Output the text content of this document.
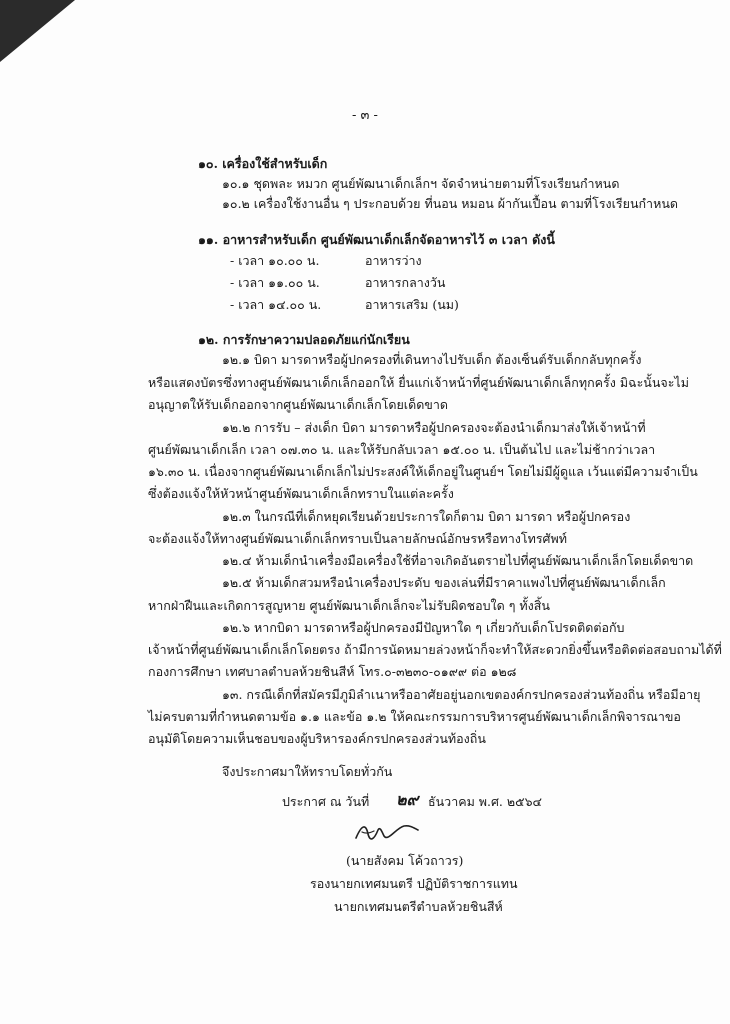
- ๓ -
๑๐. เครื่องใช้สำหรับเด็ก
๑๐.๑ ชุดพละ หมวก ศูนย์พัฒนาเด็กเล็กฯ จัดจำหน่ายตามที่โรงเรียนกำหนด
๑๐.๒ เครื่องใช้งานอื่น ๆ ประกอบด้วย ที่นอน หมอน ผ้ากันเปื้อน ตามที่โรงเรียนกำหนด
๑๑. อาหารสำหรับเด็ก ศูนย์พัฒนาเด็กเล็กจัดอาหารไว้ ๓ เวลา ดังนี้
- เวลา ๑๐.๐๐ น.	อาหารว่าง
- เวลา ๑๑.๐๐ น.	อาหารกลางวัน
- เวลา ๑๔.๐๐ น.	อาหารเสริม (นม)
๑๒. การรักษาความปลอดภัยแก่นักเรียน
๑๒.๑ บิดา มารดาหรือผู้ปกครองที่เดินทางไปรับเด็ก ต้องเซ็นต์รับเด็กกลับทุกครั้ง
หรือแสดงบัตรซึ่งทางศูนย์พัฒนาเด็กเล็กออกให้ ยื่นแก่เจ้าหน้าที่ศูนย์พัฒนาเด็กเล็กทุกครั้ง มิฉะนั้นจะไม่
อนุญาตให้รับเด็กออกจากศูนย์พัฒนาเด็กเล็กโดยเด็ดขาด
๑๒.๒ การรับ – ส่งเด็ก บิดา มารดาหรือผู้ปกครองจะต้องนำเด็กมาส่งให้เจ้าหน้าที่
ศูนย์พัฒนาเด็กเล็ก เวลา ๐๗.๓๐ น. และให้รับกลับเวลา ๑๕.๐๐ น. เป็นต้นไป และไม่ช้ากว่าเวลา
๑๖.๓๐ น. เนื่องจากศูนย์พัฒนาเด็กเล็กไม่ประสงค์ให้เด็กอยู่ในศูนย์ฯ โดยไม่มีผู้ดูแล เว้นแต่มีความจำเป็น
ซึ่งต้องแจ้งให้หัวหน้าศูนย์พัฒนาเด็กเล็กทราบในแต่ละครั้ง
๑๒.๓ ในกรณีที่เด็กหยุดเรียนด้วยประการใดก็ตาม บิดา มารดา หรือผู้ปกครอง
จะต้องแจ้งให้ทางศูนย์พัฒนาเด็กเล็กทราบเป็นลายลักษณ์อักษรหรือทางโทรศัพท์
๑๒.๔ ห้ามเด็กนำเครื่องมือเครื่องใช้ที่อาจเกิดอันตรายไปที่ศูนย์พัฒนาเด็กเล็กโดยเด็ดขาด
๑๒.๕ ห้ามเด็กสวมหรือนำเครื่องประดับ ของเล่นที่มีราคาแพงไปที่ศูนย์พัฒนาเด็กเล็ก
หากฝ่าฝืนและเกิดการสูญหาย ศูนย์พัฒนาเด็กเล็กจะไม่รับผิดชอบใด ๆ ทั้งสิ้น
๑๒.๖ หากบิดา มารดาหรือผู้ปกครองมีปัญหาใด ๆ เกี่ยวกับเด็กโปรดติดต่อกับ
เจ้าหน้าที่ศูนย์พัฒนาเด็กเล็กโดยตรง ถ้ามีการนัดหมายล่วงหน้าก็จะทำให้สะดวกยิ่งขึ้นหรือติดต่อสอบถามได้ที่
กองการศึกษา เทศบาลตำบลห้วยชินสีห์ โทร.๐-๓๒๓๐-๐๑๙๙ ต่อ ๑๒๘
๑๓. กรณีเด็กที่สมัครมีภูมิลำเนาหรืออาศัยอยู่นอกเขตองค์กรปกครองส่วนท้องถิ่น หรือมีอายุ
ไม่ครบตามที่กำหนดตามข้อ ๑.๑ และข้อ ๑.๒ ให้คณะกรรมการบริหารศูนย์พัฒนาเด็กเล็กพิจารณาขอ
อนุมัติโดยความเห็นชอบของผู้บริหารองค์กรปกครองส่วนท้องถิ่น
จึงประกาศมาให้ทราบโดยทั่วกัน
ประกาศ ณ วันที่ ๒๙ ธันวาคม พ.ศ. ๒๕๖๔
(นายสังคม โค้วถาวร)
รองนายกเทศมนตรี ปฏิบัติราชการแทน
นายกเทศมนตรีตำบลห้วยชินสีห์
